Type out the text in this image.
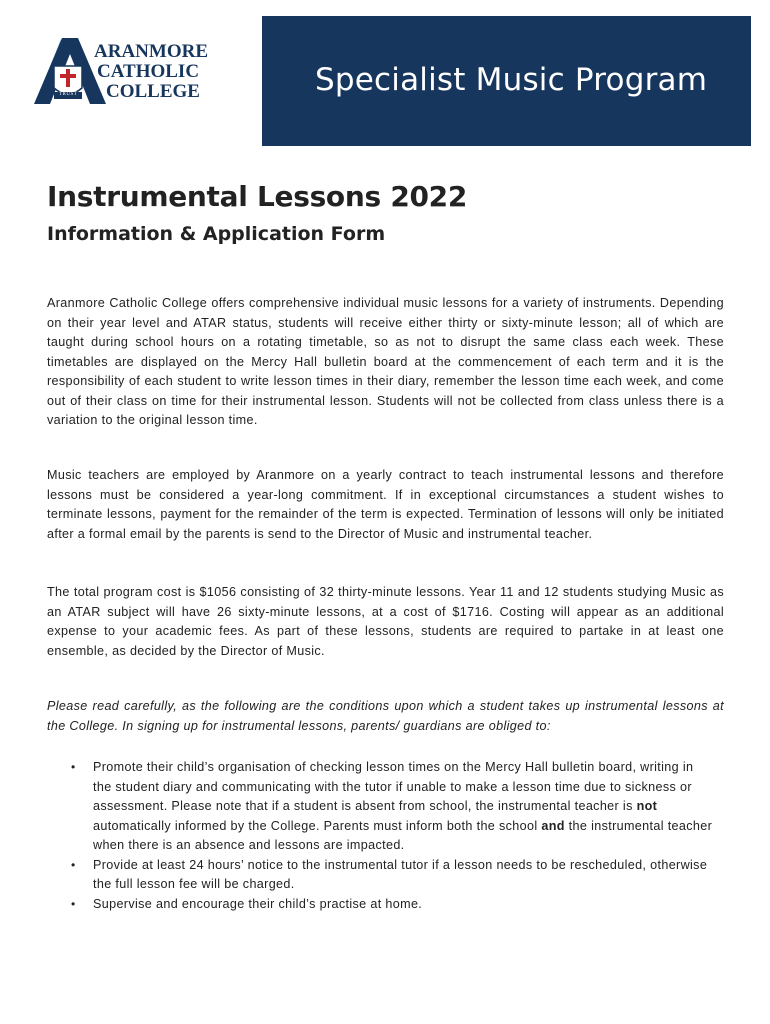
ARANMORE
CATHOLIC
COLLEGE
TRUST	Specialist Music Program
Instrumental Lessons 2022
Information & Application Form

Aranmore Catholic College offers comprehensive individual music lessons for a variety of instruments. Depending on their year level and ATAR status, students will receive either thirty or sixty-minute lesson; all of which are taught during school hours on a rotating timetable, so as not to disrupt the same class each week. These timetables are displayed on the Mercy Hall bulletin board at the commencement of each term and it is the responsibility of each student to write lesson times in their diary, remember the lesson time each week, and come out of their class on time for their instrumental lesson. Students will not be collected from class unless there is a variation to the original lesson time.

Music teachers are employed by Aranmore on a yearly contract to teach instrumental lessons and therefore lessons must be considered a year-long commitment. If in exceptional circumstances a student wishes to terminate lessons, payment for the remainder of the term is expected. Termination of lessons will only be initiated after a formal email by the parents is send to the Director of Music and instrumental teacher.

The total program cost is $1056 consisting of 32 thirty-minute lessons. Year 11 and 12 students studying Music as an ATAR subject will have 26 sixty-minute lessons, at a cost of $1716. Costing will appear as an additional expense to your academic fees. As part of these lessons, students are required to partake in at least one ensemble, as decided by the Director of Music.

Please read carefully, as the following are the conditions upon which a student takes up instrumental lessons at the College. In signing up for instrumental lessons, parents/ guardians are obliged to:

• Promote their child’s organisation of checking lesson times on the Mercy Hall bulletin board, writing in the student diary and communicating with the tutor if unable to make a lesson time due to sickness or assessment. Please note that if a student is absent from school, the instrumental teacher is not automatically informed by the College. Parents must inform both the school and the instrumental teacher when there is an absence and lessons are impacted.
• Provide at least 24 hours’ notice to the instrumental tutor if a lesson needs to be rescheduled, otherwise the full lesson fee will be charged.
• Supervise and encourage their child’s practise at home.
